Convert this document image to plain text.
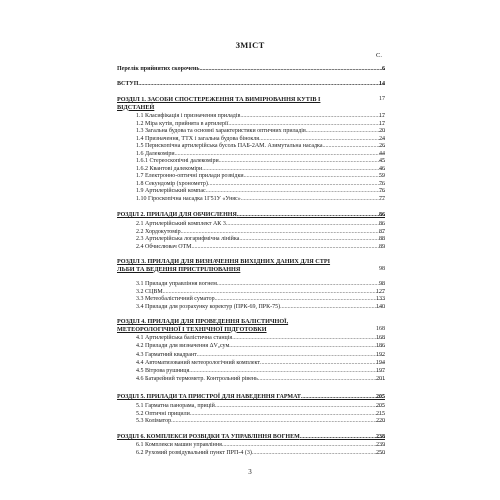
ЗМІСТ
С.
Перелік прийнятих скорочень .....	6
ВСТУП .....	14
РОЗДІЛ 1. ЗАСОБИ СПОСТЕРЕЖЕННЯ ТА ВИМІРЮВАННЯ КУТІВ І
ВІДСТАНЕЙ
17
1.1 Класифікація і призначення приладів .....	17
1.2 Міра кутів, прийнята в артилерії .....	17
1.3 Загальна будова та основні характеристики оптичних приладів .....	20
1.4 Призначення, ТТХ і загальна будова бінокля .....	24
1.5 Перископічна артилерійська бусоль ПАБ-2АМ. Азимутальна насадка .....	26
1.6 Далекоміри .....	44
1.6.1 Стереоскопічні далекоміри .....	45
1.6.2 Квантові далекоміри .....	46
1.7 Електронно-оптичні прилади розвідки .....	59
1.8 Секундомір (хронометр) .....	76
1.9 Артилерійський компас .....	76
1.10 Гіроскопічна насадка 1Г51У «Уняс» .....	77
РОЗДІЛ 2. ПРИЛАДИ ДЛЯ ОБЧИСЛЕННЯ .....	86
2.1 Артилерійський комплект АК 3 .....	86
2.2 Хордокутомір .....	87
2.3 Артилерійська логарифмічна лінійка .....	88
2.4 Обчислювач ОТМ .....	89
РОЗДІЛ 3. ПРИЛАДИ ДЛЯ ВИЗНАЧЕННЯ ВИХІДНИХ ДАНИХ ДЛЯ СТРІ
ЛЬБИ ТА ВЕДЕННЯ ПРИСТРІЛЮВАННЯ	98
3.1 Прилади управління вогнем .....	98
3.2 СЦВМ .....	127
3.3 Метеобалістичний суматор .....	133
3.4 Прилади для розрахунку коректур (ПРК-69, ПРК-75) .....	140
РОЗДІЛ 4. ПРИЛАДИ ДЛЯ ПРОВЕДЕННЯ БАЛІСТИЧНОЇ,
МЕТЕОРОЛОГІЧНОЇ І ТЕХНІЧНОЇ ПІДГОТОВКИ	168
4.1 Артилерійська балістична станція .....	168
4.2 Прилади для визначення ΔV₀сум .....	186
4.3 Гарматний квадрант .....	192
4.4 Автоматизований метеорологічний комплект .....	194
4.5 Вітрова рушниця .....	197
4.6 Батарейний термометр. Контрольний рівень .....	201
РОЗДІЛ 5. ПРИЛАДИ ТА ПРИСТРОЇ ДЛЯ НАВЕДЕННЯ ГАРМАТ .....	205
5.1 Гарматна панорама, прицій .....	205
5.2 Оптичні прицили .....	215
5.3 Коліматор .....	220
РОЗДІЛ 6. КОМПЛЕКСИ РОЗВІДКИ ТА УПРАВЛІННЯ ВОГНЕМ .....	238
6.1 Комплекси машин управління .....	239
6.2 Рухомий розвідувальний пункт ПРП-4 (3) .....	250
3
